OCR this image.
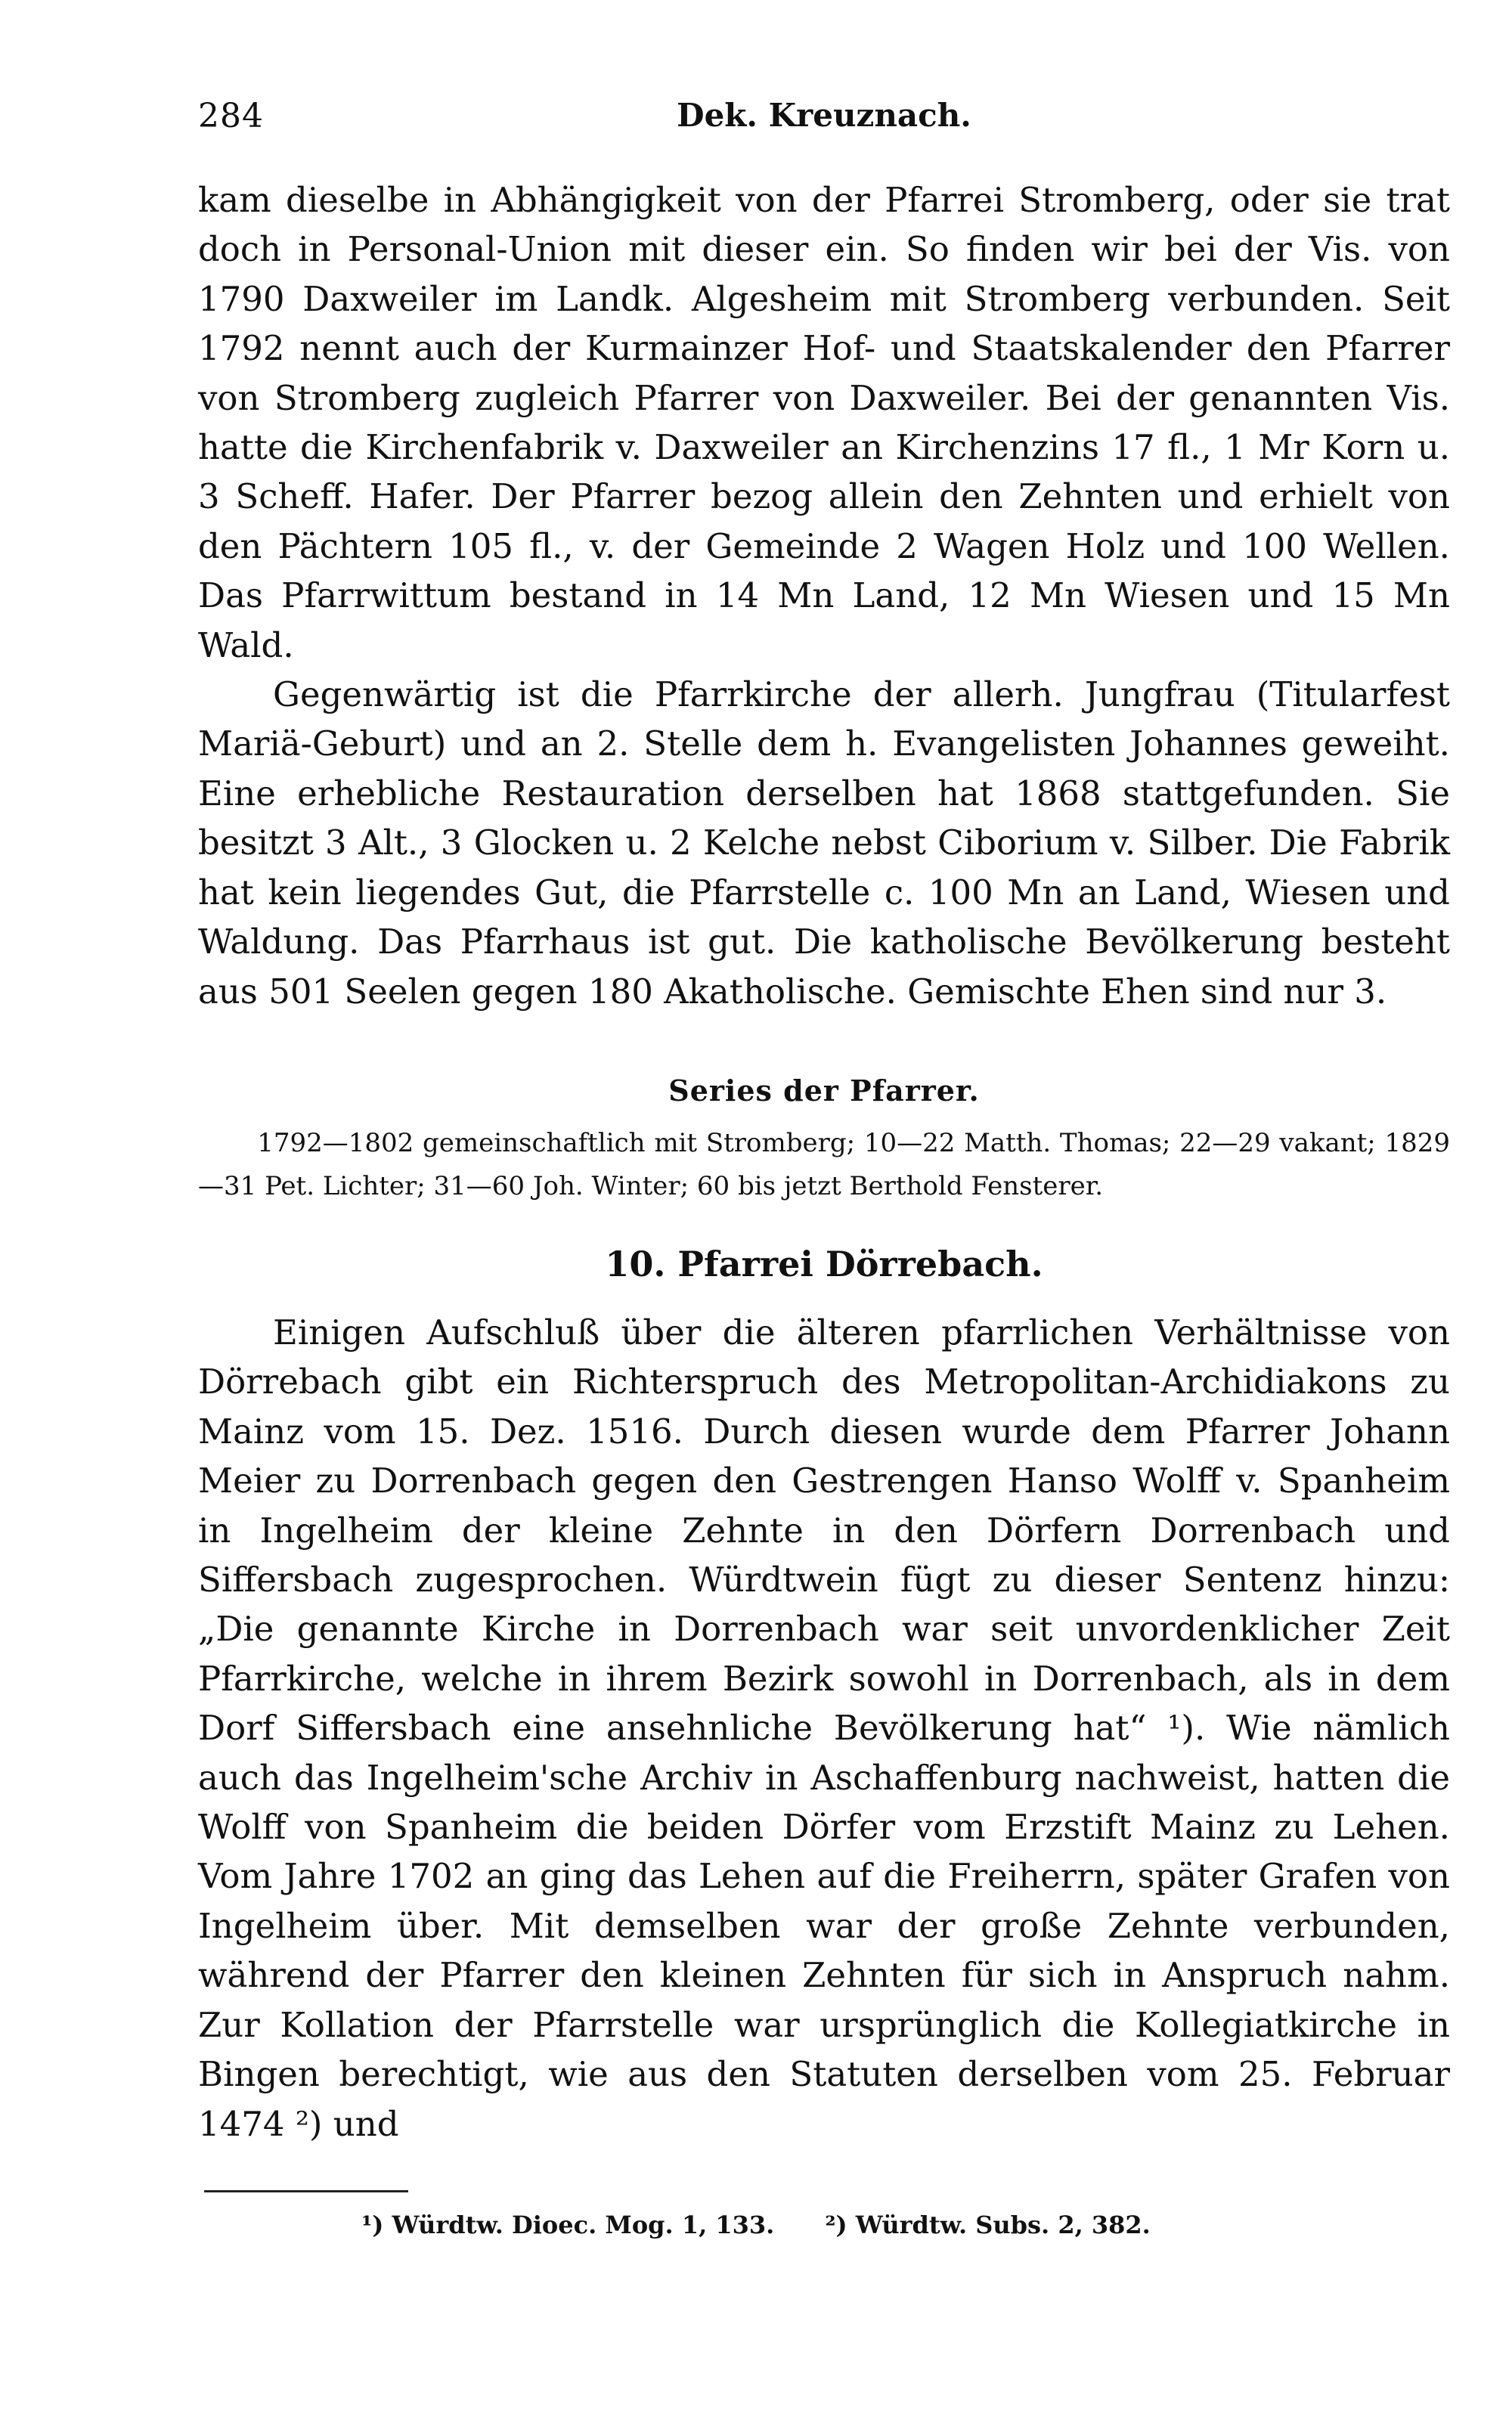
284	Dek. Kreuznach.

kam dieselbe in Abhängigkeit von der Pfarrei Stromberg, oder sie trat doch in Personal-Union mit dieser ein. So finden wir bei der Vis. von 1790 Daxweiler im Landk. Algesheim mit Stromberg verbunden. Seit 1792 nennt auch der Kurmainzer Hof- und Staatskalender den Pfarrer von Stromberg zugleich Pfarrer von Daxweiler. Bei der genannten Vis. hatte die Kirchenfabrik v. Daxweiler an Kirchenzins 17 fl., 1 Mr Korn u. 3 Scheff. Hafer. Der Pfarrer bezog allein den Zehnten und erhielt von den Pächtern 105 fl., v. der Gemeinde 2 Wagen Holz und 100 Wellen. Das Pfarrwittum bestand in 14 Mn Land, 12 Mn Wiesen und 15 Mn Wald.

Gegenwärtig ist die Pfarrkirche der allerh. Jungfrau (Titularfest Mariä-Geburt) und an 2. Stelle dem h. Evangelisten Johannes geweiht. Eine erhebliche Restauration derselben hat 1868 stattgefunden. Sie besitzt 3 Alt., 3 Glocken u. 2 Kelche nebst Ciborium v. Silber. Die Fabrik hat kein liegendes Gut, die Pfarrstelle c. 100 Mn an Land, Wiesen und Waldung. Das Pfarrhaus ist gut. Die katholische Bevölkerung besteht aus 501 Seelen gegen 180 Akatholische. Gemischte Ehen sind nur 3.

Series der Pfarrer.

1792—1802 gemeinschaftlich mit Stromberg; 10—22 Matth. Thomas; 22—29 vakant; 1829—31 Pet. Lichter; 31—60 Joh. Winter; 60 bis jetzt Berthold Fensterer.

10. Pfarrei Dörrebach.

Einigen Aufschluß über die älteren pfarrlichen Verhältnisse von Dörrebach gibt ein Richterspruch des Metropolitan-Archidiakons zu Mainz vom 15. Dez. 1516. Durch diesen wurde dem Pfarrer Johann Meier zu Dorrenbach gegen den Gestrengen Hanso Wolff v. Spanheim in Ingelheim der kleine Zehnte in den Dörfern Dorrenbach und Siffersbach zugesprochen. Würdtwein fügt zu dieser Sentenz hinzu: „Die genannte Kirche in Dorrenbach war seit unvordenklicher Zeit Pfarrkirche, welche in ihrem Bezirk sowohl in Dorrenbach, als in dem Dorf Siffersbach eine ansehnliche Bevölkerung hat“ ¹). Wie nämlich auch das Ingelheim'sche Archiv in Aschaffenburg nachweist, hatten die Wolff von Spanheim die beiden Dörfer vom Erzstift Mainz zu Lehen. Vom Jahre 1702 an ging das Lehen auf die Freiherrn, später Grafen von Ingelheim über. Mit demselben war der große Zehnte verbunden, während der Pfarrer den kleinen Zehnten für sich in Anspruch nahm. Zur Kollation der Pfarrstelle war ursprünglich die Kollegiatkirche in Bingen berechtigt, wie aus den Statuten derselben vom 25. Februar 1474 ²) und

¹) Würdtw. Dioec. Mog. 1, 133. ²) Würdtw. Subs. 2, 382.
